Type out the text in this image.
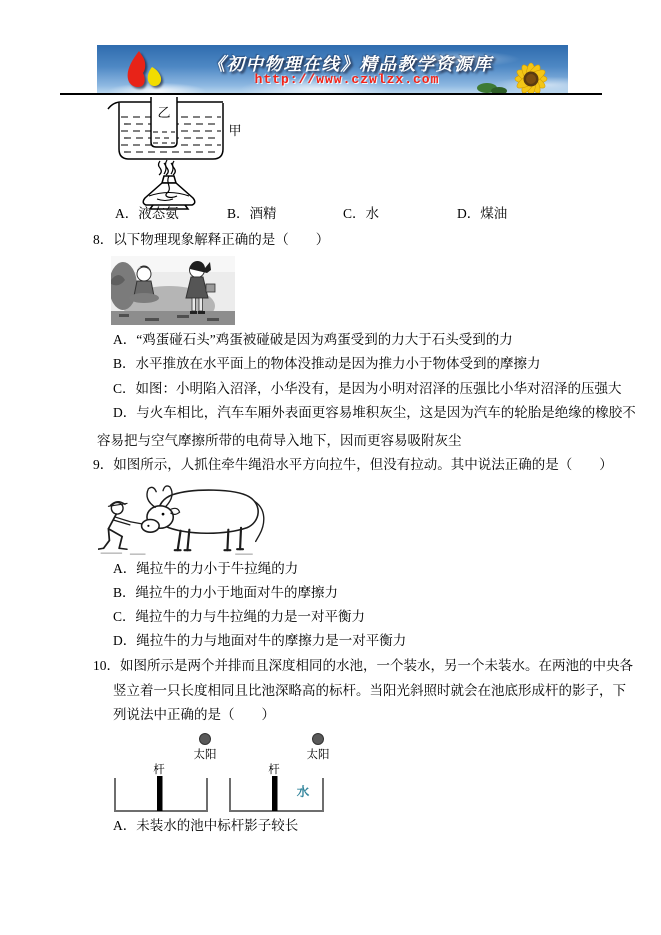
《初中物理在线》精品教学资源库
http://www.czwlzx.com
乙
甲
A．液态氨	B．酒精	C．水	D．煤油
8．以下物理现象解释正确的是（　　）
A．“鸡蛋碰石头”鸡蛋被碰破是因为鸡蛋受到的力大于石头受到的力
B．水平推放在水平面上的物体没推动是因为推力小于物体受到的摩擦力
C．如图：小明陷入沼泽，小华没有，是因为小明对沼泽的压强比小华对沼泽的压强大
D．与火车相比，汽车车厢外表面更容易堆积灰尘，这是因为汽车的轮胎是绝缘的橡胶不
容易把与空气摩擦所带的电荷导入地下，因而更容易吸附灰尘
9．如图所示，人抓住牵牛绳沿水平方向拉牛，但没有拉动。其中说法正确的是（　　）
A．绳拉牛的力小于牛拉绳的力
B．绳拉牛的力小于地面对牛的摩擦力
C．绳拉牛的力与牛拉绳的力是一对平衡力
D．绳拉牛的力与地面对牛的摩擦力是一对平衡力
10．如图所示是两个并排而且深度相同的水池，一个装水，另一个未装水。在两池的中央各
竖立着一只长度相同且比池深略高的标杆。当阳光斜照时就会在池底形成杆的影子，下
列说法中正确的是（　　）
太阳	太阳
杆	杆
水
A．未装水的池中标杆影子较长
